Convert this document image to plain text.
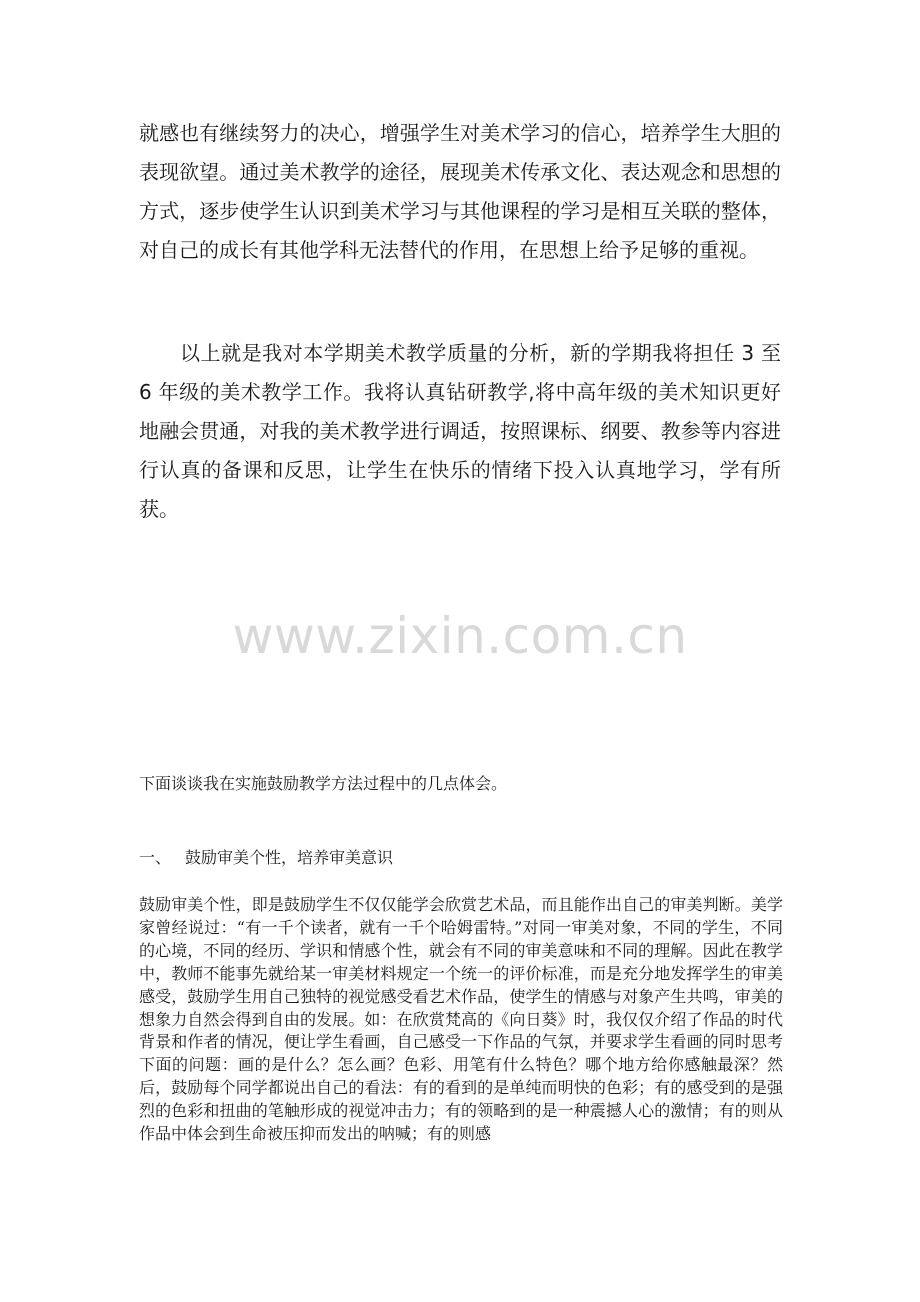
就感也有继续努力的决心，增强学生对美术学习的信心，培养学生大胆的表现欲望。通过美术教学的途径，展现美术传承文化、表达观念和思想的方式，逐步使学生认识到美术学习与其他课程的学习是相互关联的整体，对自己的成长有其他学科无法替代的作用，在思想上给予足够的重视。

以上就是我对本学期美术教学质量的分析，新的学期我将担任 3 至 6 年级的美术教学工作。我将认真钻研教学,将中高年级的美术知识更好地融会贯通，对我的美术教学进行调适，按照课标、纲要、教参等内容进行认真的备课和反思，让学生在快乐的情绪下投入认真地学习，学有所获。

www.zixin.com.cn

下面谈谈我在实施鼓励教学方法过程中的几点体会。

一、 鼓励审美个性，培养审美意识

鼓励审美个性，即是鼓励学生不仅仅能学会欣赏艺术品，而且能作出自己的审美判断。美学家曾经说过：“有一千个读者，就有一千个哈姆雷特。”对同一审美对象，不同的学生，不同的心境，不同的经历、学识和情感个性，就会有不同的审美意味和不同的理解。因此在教学中，教师不能事先就给某一审美材料规定一个统一的评价标准，而是充分地发挥学生的审美感受，鼓励学生用自己独特的视觉感受看艺术作品，使学生的情感与对象产生共鸣，审美的想象力自然会得到自由的发展。如：在欣赏梵高的《向日葵》时，我仅仅介绍了作品的时代背景和作者的情况，便让学生看画，自己感受一下作品的气氛，并要求学生看画的同时思考下面的问题：画的是什么？怎么画？色彩、用笔有什么特色？哪个地方给你感触最深？然后，鼓励每个同学都说出自己的看法：有的看到的是单纯而明快的色彩；有的感受到的是强烈的色彩和扭曲的笔触形成的视觉冲击力；有的领略到的是一种震撼人心的激情；有的则从作品中体会到生命被压抑而发出的呐喊；有的则感
